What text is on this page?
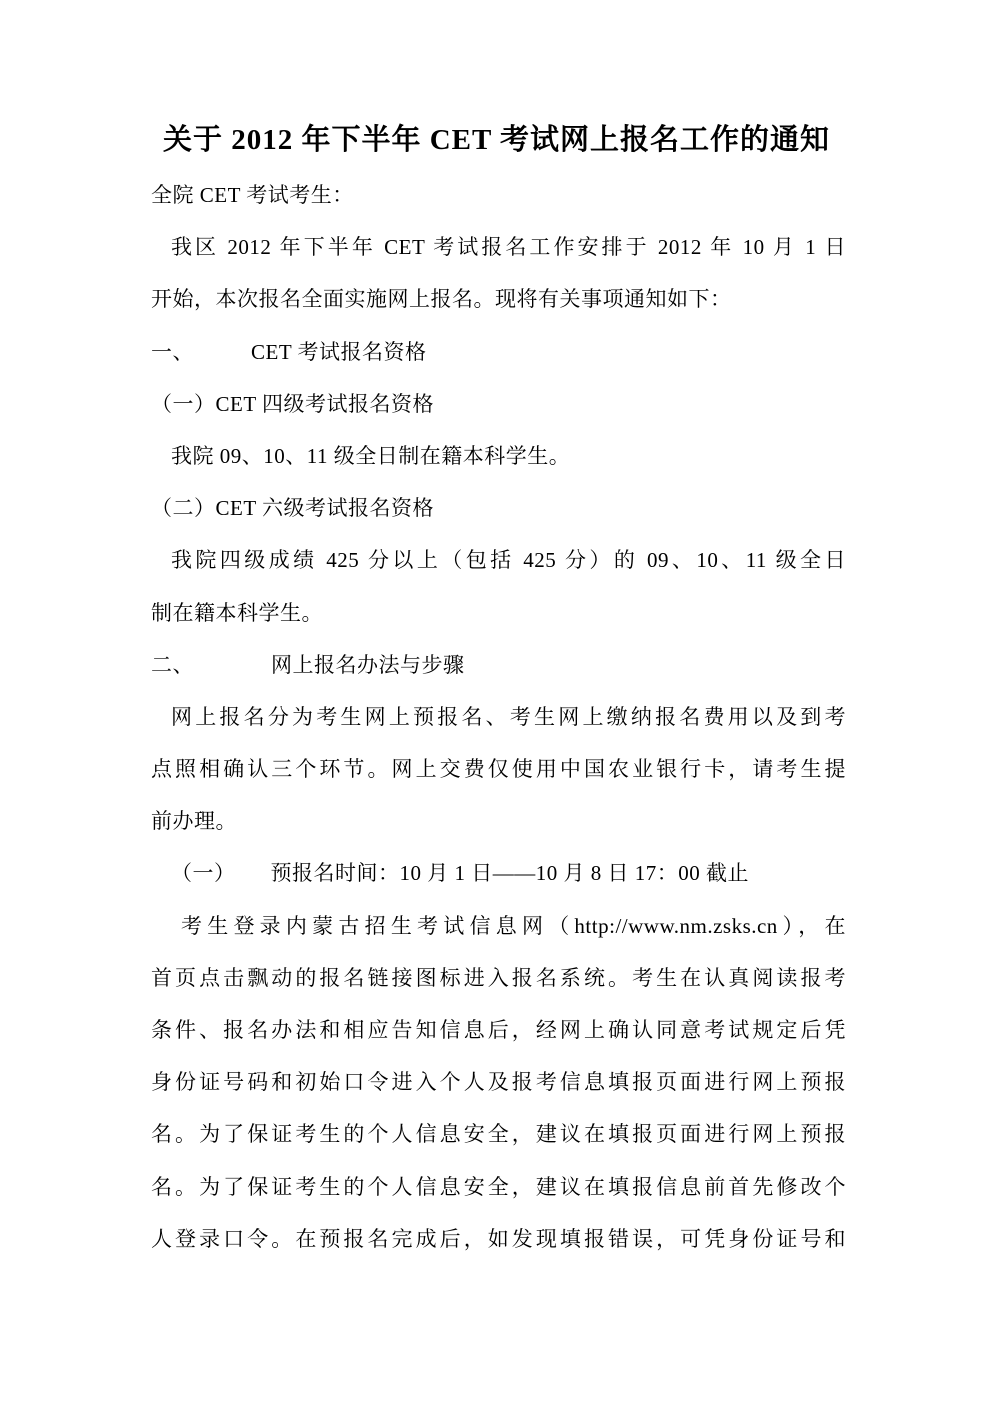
关于 2012 年下半年 CET 考试网上报名工作的通知
全院 CET 考试考生：
我区 2012 年下半年 CET 考试报名工作安排于 2012 年 10 月 1 日
开始，本次报名全面实施网上报名。现将有关事项通知如下：
一、	CET 考试报名资格
（一）CET 四级考试报名资格
我院 09、10、11 级全日制在籍本科学生。
（二）CET 六级考试报名资格
我院四级成绩 425 分以上（包括 425 分）的 09、10、11 级全日
制在籍本科学生。
二、	网上报名办法与步骤
网上报名分为考生网上预报名、考生网上缴纳报名费用以及到考
点照相确认三个环节。网上交费仅使用中国农业银行卡，请考生提
前办理。
（一） 预报名时间：10 月 1 日——10 月 8 日 17：00 截止
考生登录内蒙古招生考试信息网（http://www.nm.zsks.cn），在
首页点击飘动的报名链接图标进入报名系统。考生在认真阅读报考
条件、报名办法和相应告知信息后，经网上确认同意考试规定后凭
身份证号码和初始口令进入个人及报考信息填报页面进行网上预报
名。为了保证考生的个人信息安全，建议在填报页面进行网上预报
名。为了保证考生的个人信息安全，建议在填报信息前首先修改个
人登录口令。在预报名完成后，如发现填报错误，可凭身份证号和
